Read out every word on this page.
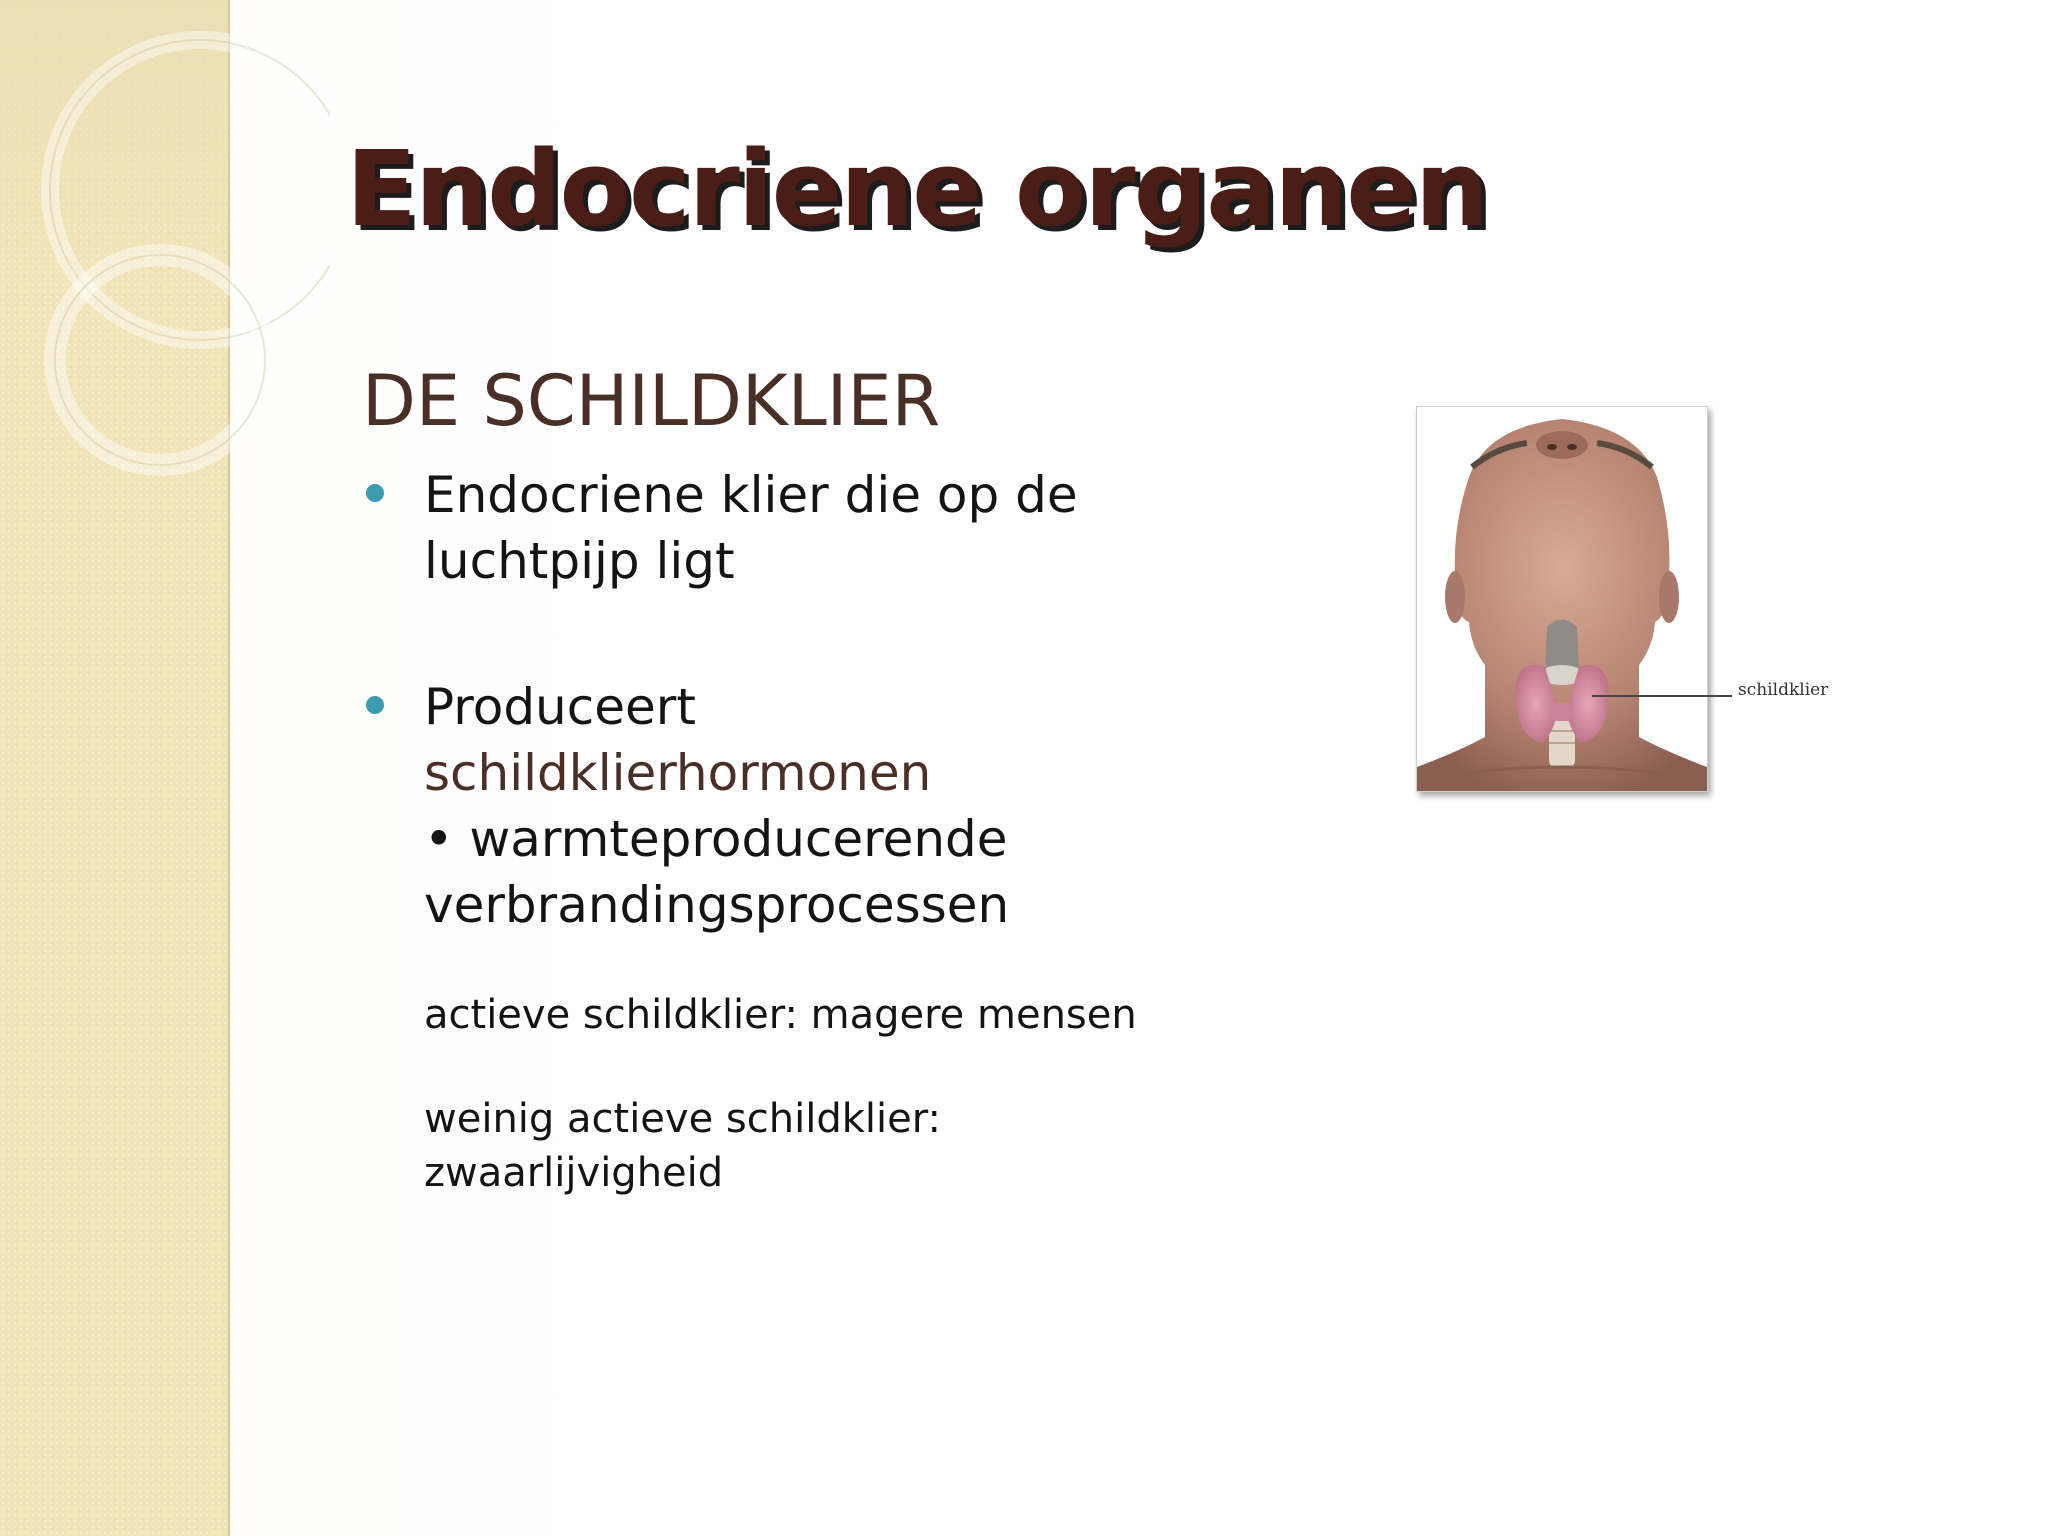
Endocriene organen
DE SCHILDKLIER
Endocriene klier die op de
luchtpijp ligt
Produceert
schildklierhormonen
• warmteproducerende
verbrandingsprocessen
actieve schildklier: magere mensen
weinig actieve schildklier:
zwaarlijvigheid
schildklier
